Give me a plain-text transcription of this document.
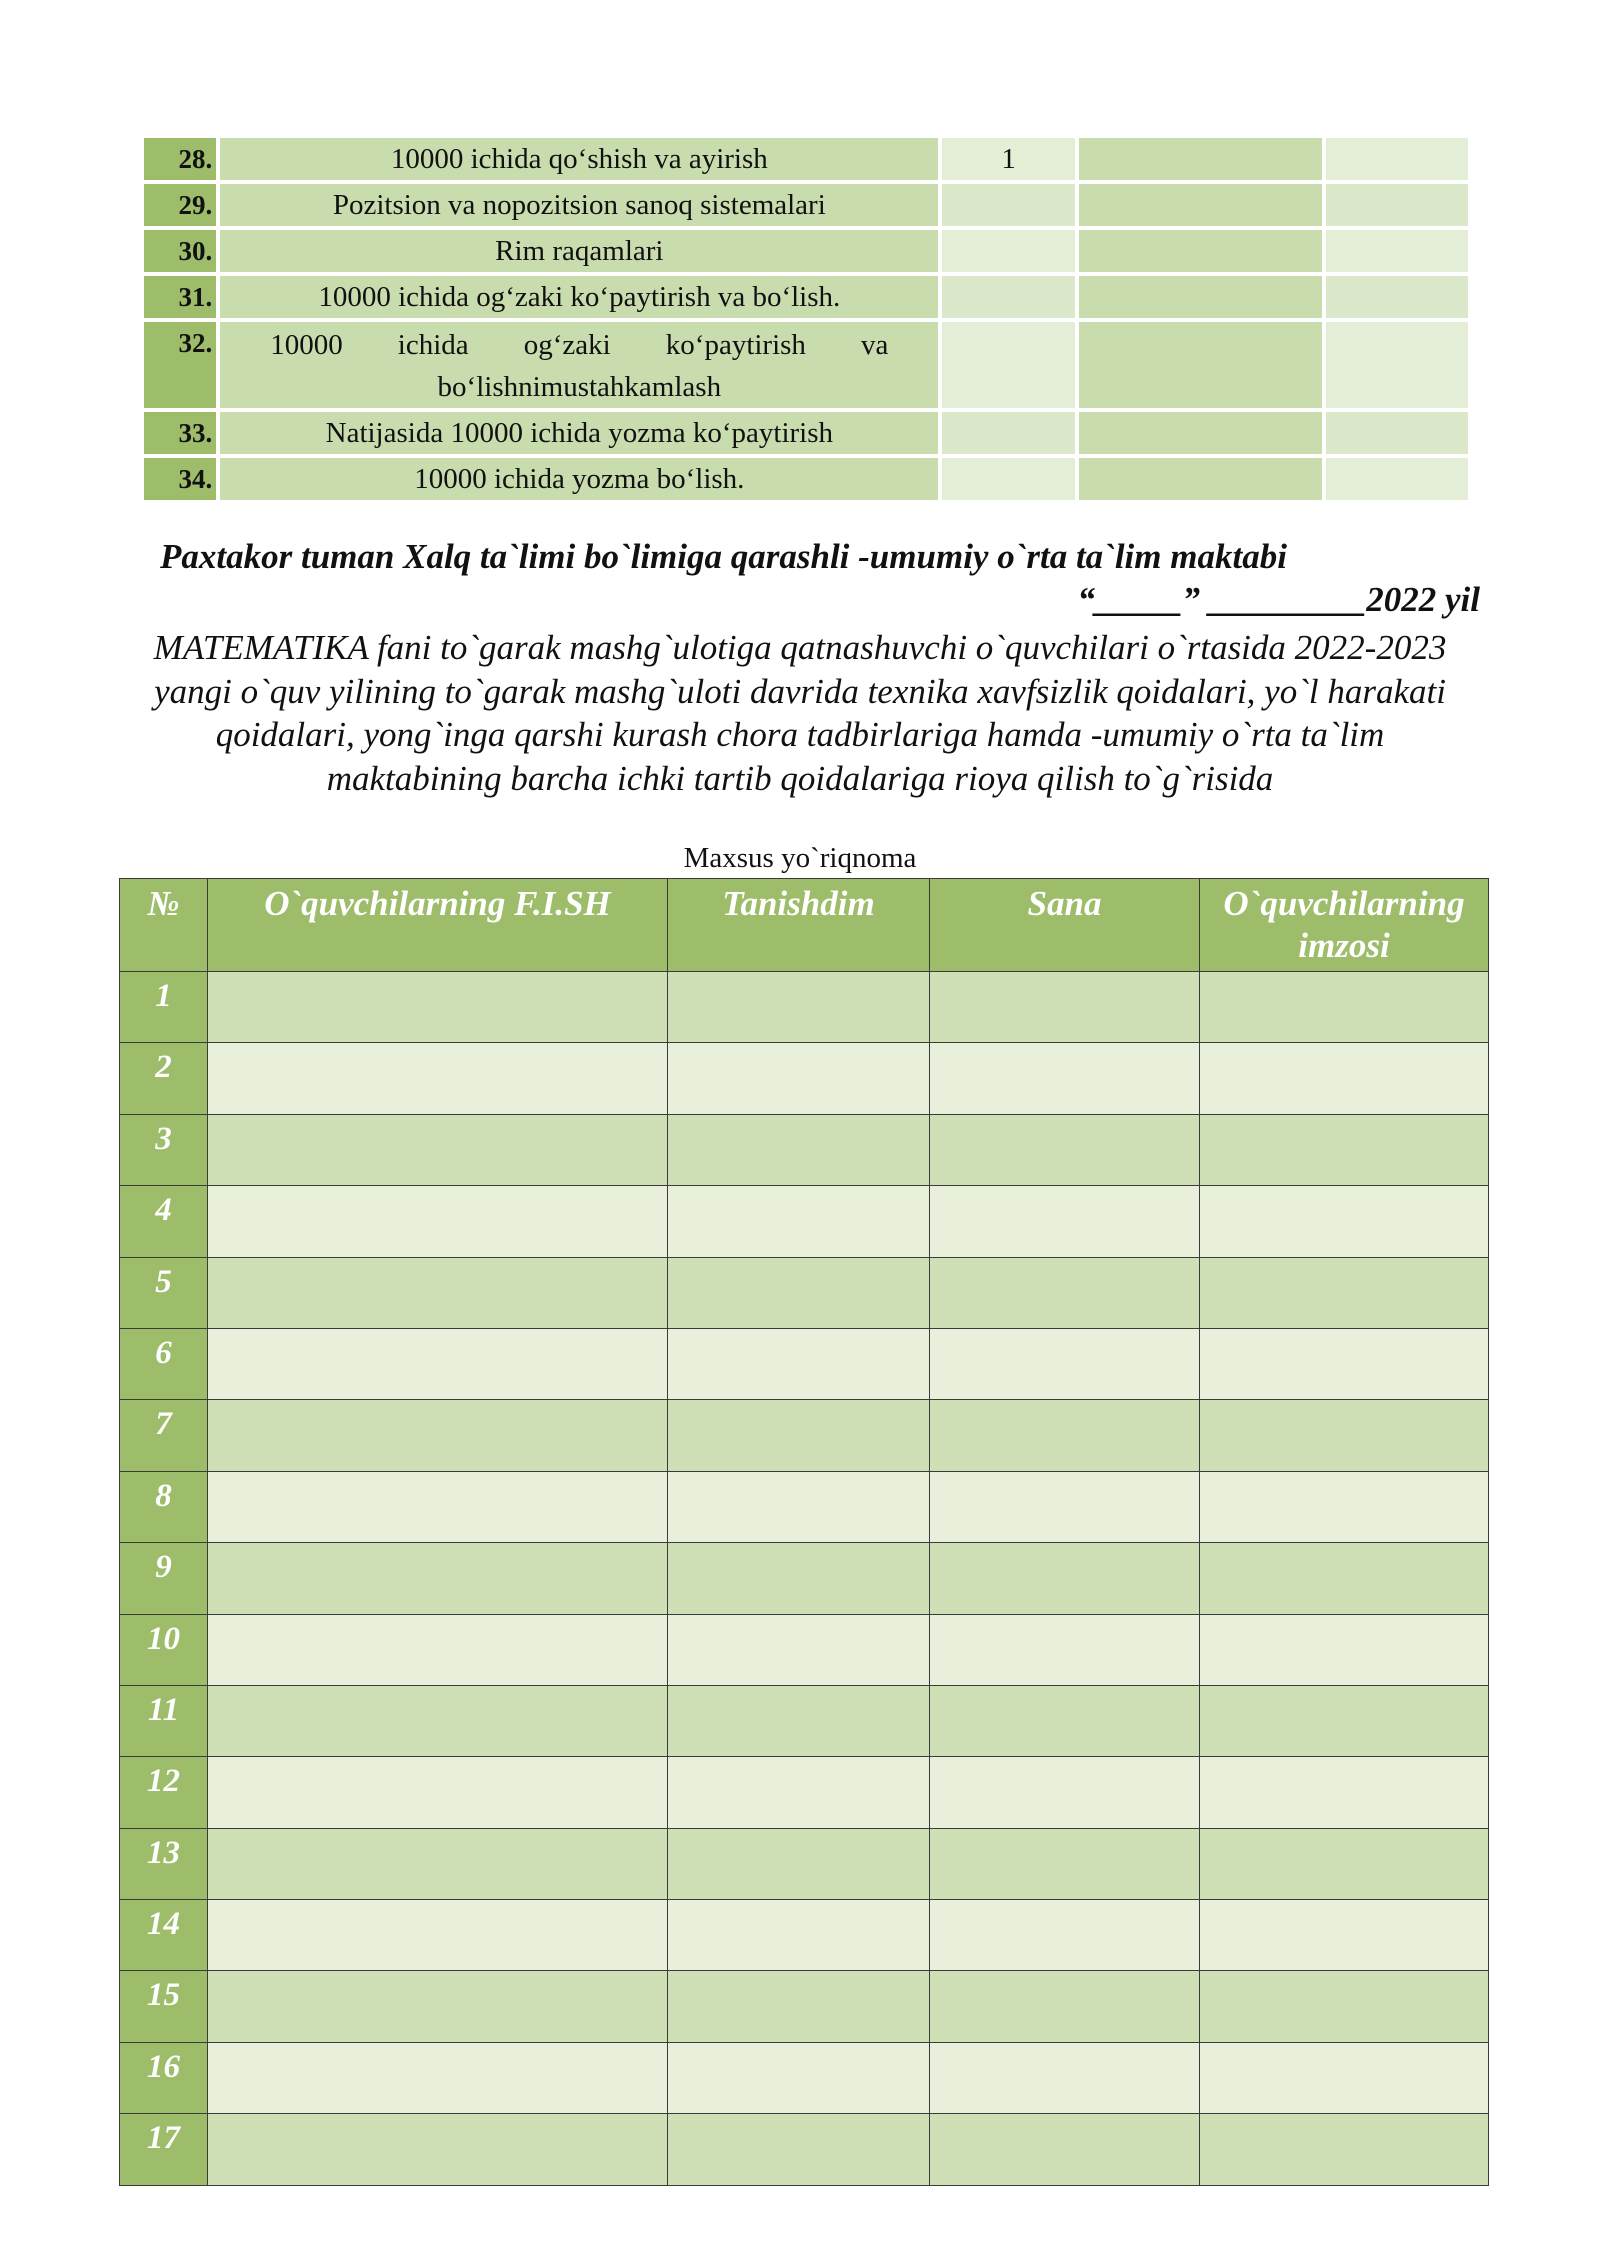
28.	10000 ichida qo‘shish va ayirish	1		
29.	Pozitsion va nopozitsion sanoq sistemalari			
30.	Rim raqamlari			
31.	10000 ichida og‘zaki ko‘paytirish va bo‘lish.			
32.	10000 ichida og‘zaki ko‘paytirish va bo‘lishnimustahkamlash			
33.	Natijasida 10000 ichida yozma ko‘paytirish			
34.	10000 ichida yozma bo‘lish.			
Paxtakor tuman Xalq ta`limi bo`limiga qarashli -umumiy o`rta ta`lim maktabi
“_____” _________2022 yil
MATEMATIKA fani to`garak mashg`ulotiga qatnashuvchi o`quvchilari o`rtasida 2022-2023 yangi o`quv yilining to`garak mashg`uloti davrida texnika xavfsizlik qoidalari, yo`l harakati qoidalari, yong`inga qarshi kurash chora tadbirlariga hamda -umumiy o`rta ta`lim maktabining barcha ichki tartib qoidalariga rioya qilish to`g`risida
Maxsus yo`riqnoma
№	O`quvchilarning F.I.SH	Tanishdim	Sana	O`quvchilarning imzosi
1				
2				
3				
4				
5				
6				
7				
8				
9				
10				
11				
12				
13				
14				
15				
16				
17				
